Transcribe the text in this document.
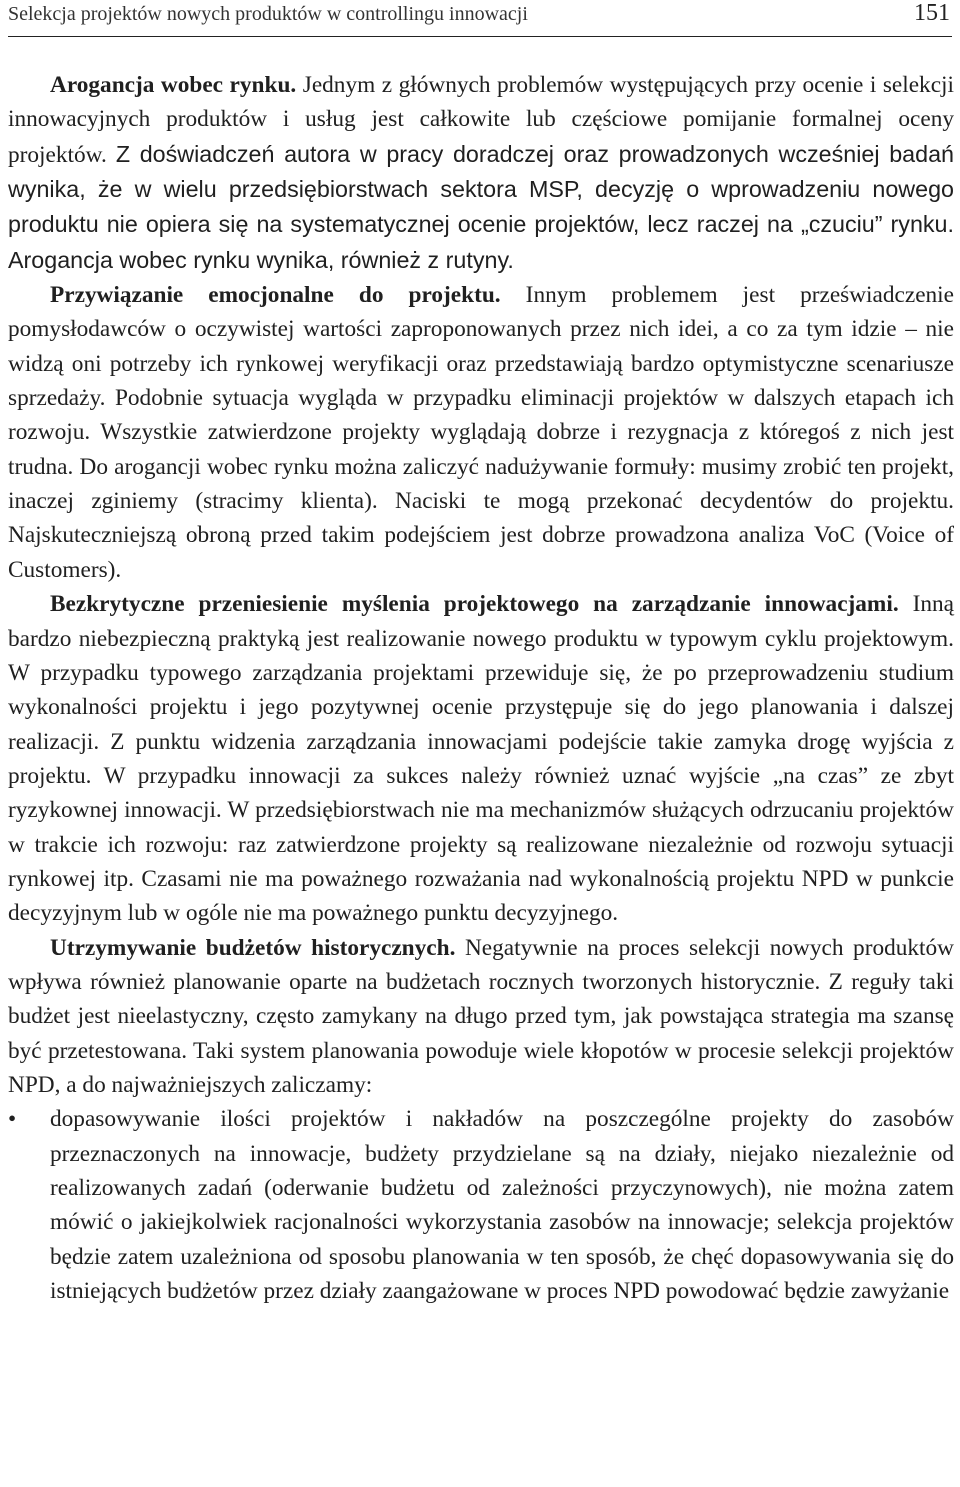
Selekcja projektów nowych produktów w controllingu innowacji	151

Arogancja wobec rynku. Jednym z głównych problemów występujących przy ocenie i selekcji innowacyjnych produktów i usług jest całkowite lub częściowe pomijanie formalnej oceny projektów. Z doświadczeń autora w pracy doradczej oraz prowadzonych wcześniej badań wynika, że w wielu przedsiębiorstwach sektora MSP, decyzję o wprowadzeniu nowego produktu nie opiera się na systematycznej ocenie projektów, lecz raczej na „czuciu” rynku. Arogancja wobec rynku wynika, również z rutyny.

Przywiązanie emocjonalne do projektu. Innym problemem jest przeświadczenie pomysłodawców o oczywistej wartości zaproponowanych przez nich idei, a co za tym idzie – nie widzą oni potrzeby ich rynkowej weryfikacji oraz przedstawiają bardzo optymistyczne scenariusze sprzedaży. Podobnie sytuacja wygląda w przypadku eliminacji projektów w dalszych etapach ich rozwoju. Wszystkie zatwierdzone projekty wyglądają dobrze i rezygnacja z któregoś z nich jest trudna. Do arogancji wobec rynku można zaliczyć nadużywanie formuły: musimy zrobić ten projekt, inaczej zginiemy (stracimy klienta). Naciski te mogą przekonać decydentów do projektu. Najskuteczniejszą obroną przed takim podejściem jest dobrze prowadzona analiza VoC (Voice of Customers).

Bezkrytyczne przeniesienie myślenia projektowego na zarządzanie innowacjami. Inną bardzo niebezpieczną praktyką jest realizowanie nowego produktu w typowym cyklu projektowym. W przypadku typowego zarządzania projektami przewiduje się, że po przeprowadzeniu studium wykonalności projektu i jego pozytywnej ocenie przystępuje się do jego planowania i dalszej realizacji. Z punktu widzenia zarządzania innowacjami podejście takie zamyka drogę wyjścia z projektu. W przypadku innowacji za sukces należy również uznać wyjście „na czas” ze zbyt ryzykownej innowacji. W przedsiębiorstwach nie ma mechanizmów służących odrzucaniu projektów w trakcie ich rozwoju: raz zatwierdzone projekty są realizowane niezależnie od rozwoju sytuacji rynkowej itp. Czasami nie ma poważnego rozważania nad wykonalnością projektu NPD w punkcie decyzyjnym lub w ogóle nie ma poważnego punktu decyzyjnego.

Utrzymywanie budżetów historycznych. Negatywnie na proces selekcji nowych produktów wpływa również planowanie oparte na budżetach rocznych tworzonych historycznie. Z reguły taki budżet jest nieelastyczny, często zamykany na długo przed tym, jak powstająca strategia ma szansę być przetestowana. Taki system planowania powoduje wiele kłopotów w procesie selekcji projektów NPD, a do najważniejszych zaliczamy:

• dopasowywanie ilości projektów i nakładów na poszczególne projekty do zasobów przeznaczonych na innowacje, budżety przydzielane są na działy, niejako niezależnie od realizowanych zadań (oderwanie budżetu od zależności przyczynowych), nie można zatem mówić o jakiejkolwiek racjonalności wykorzystania zasobów na innowacje; selekcja projektów będzie zatem uzależniona od sposobu planowania w ten sposób, że chęć dopasowywania się do istniejących budżetów przez działy zaangażowane w proces NPD powodować będzie zawyżanie
